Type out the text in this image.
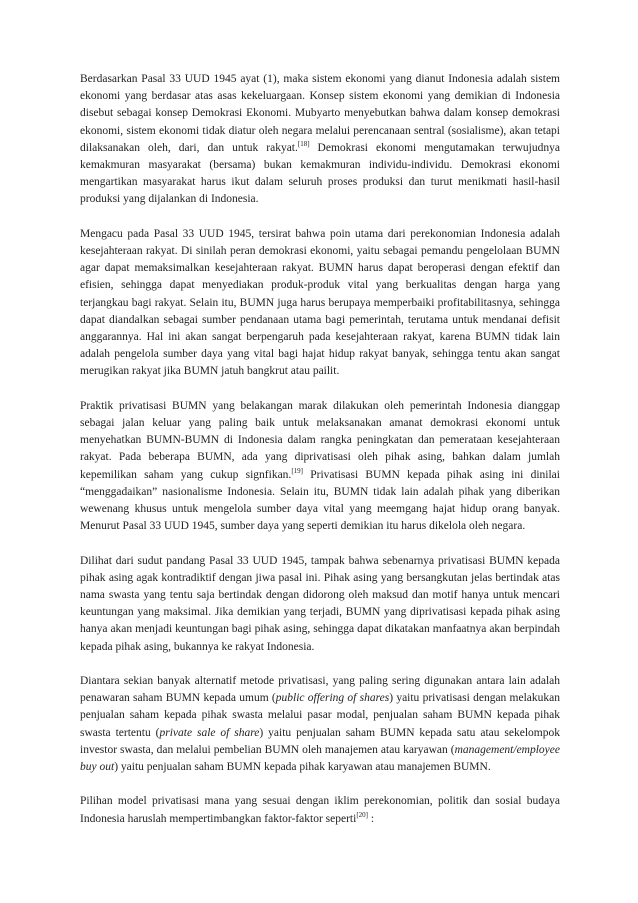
Berdasarkan Pasal 33 UUD 1945 ayat (1), maka sistem ekonomi yang dianut Indonesia adalah sistem ekonomi yang berdasar atas asas kekeluargaan. Konsep sistem ekonomi yang demikian di Indonesia disebut sebagai konsep Demokrasi Ekonomi. Mubyarto menyebutkan bahwa dalam konsep demokrasi ekonomi, sistem ekonomi tidak diatur oleh negara melalui perencanaan sentral (sosialisme), akan tetapi dilaksanakan oleh, dari, dan untuk rakyat.[18] Demokrasi ekonomi mengutamakan terwujudnya kemakmuran masyarakat (bersama) bukan kemakmuran individu-individu. Demokrasi ekonomi mengartikan masyarakat harus ikut dalam seluruh proses produksi dan turut menikmati hasil-hasil produksi yang dijalankan di Indonesia.

Mengacu pada Pasal 33 UUD 1945, tersirat bahwa poin utama dari perekonomian Indonesia adalah kesejahteraan rakyat. Di sinilah peran demokrasi ekonomi, yaitu sebagai pemandu pengelolaan BUMN agar dapat memaksimalkan kesejahteraan rakyat. BUMN harus dapat beroperasi dengan efektif dan efisien, sehingga dapat menyediakan produk-produk vital yang berkualitas dengan harga yang terjangkau bagi rakyat. Selain itu, BUMN juga harus berupaya memperbaiki profitabilitasnya, sehingga dapat diandalkan sebagai sumber pendanaan utama bagi pemerintah, terutama untuk mendanai defisit anggarannya. Hal ini akan sangat berpengaruh pada kesejahteraan rakyat, karena BUMN tidak lain adalah pengelola sumber daya yang vital bagi hajat hidup rakyat banyak, sehingga tentu akan sangat merugikan rakyat jika BUMN jatuh bangkrut atau pailit.

Praktik privatisasi BUMN yang belakangan marak dilakukan oleh pemerintah Indonesia dianggap sebagai jalan keluar yang paling baik untuk melaksanakan amanat demokrasi ekonomi untuk menyehatkan BUMN-BUMN di Indonesia dalam rangka peningkatan dan pemerataan kesejahteraan rakyat. Pada beberapa BUMN, ada yang diprivatisasi oleh pihak asing, bahkan dalam jumlah kepemilikan saham yang cukup signfikan.[19] Privatisasi BUMN kepada pihak asing ini dinilai “menggadaikan” nasionalisme Indonesia. Selain itu, BUMN tidak lain adalah pihak yang diberikan wewenang khusus untuk mengelola sumber daya vital yang meemgang hajat hidup orang banyak. Menurut Pasal 33 UUD 1945, sumber daya yang seperti demikian itu harus dikelola oleh negara.

Dilihat dari sudut pandang Pasal 33 UUD 1945, tampak bahwa sebenarnya privatisasi BUMN kepada pihak asing agak kontradiktif dengan jiwa pasal ini. Pihak asing yang bersangkutan jelas bertindak atas nama swasta yang tentu saja bertindak dengan didorong oleh maksud dan motif hanya untuk mencari keuntungan yang maksimal. Jika demikian yang terjadi, BUMN yang diprivatisasi kepada pihak asing hanya akan menjadi keuntungan bagi pihak asing, sehingga dapat dikatakan manfaatnya akan berpindah kepada pihak asing, bukannya ke rakyat Indonesia.

Diantara sekian banyak alternatif metode privatisasi, yang paling sering digunakan antara lain adalah penawaran saham BUMN kepada umum (public offering of shares) yaitu privatisasi dengan melakukan penjualan saham kepada pihak swasta melalui pasar modal, penjualan saham BUMN kepada pihak swasta tertentu (private sale of share) yaitu penjualan saham BUMN kepada satu atau sekelompok investor swasta, dan melalui pembelian BUMN oleh manajemen atau karyawan (management/employee buy out) yaitu penjualan saham BUMN kepada pihak karyawan atau manajemen BUMN.

Pilihan model privatisasi mana yang sesuai dengan iklim perekonomian, politik dan sosial budaya Indonesia haruslah mempertimbangkan faktor-faktor seperti[20] :
